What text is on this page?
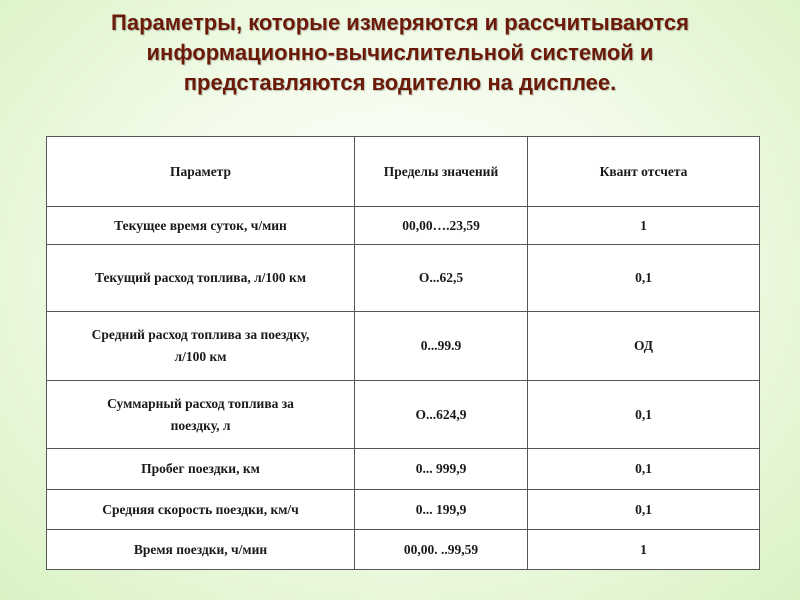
Параметры, которые измеряются и рассчитываются
информационно-вычислительной системой и
представляются водителю на дисплее.
Параметр	Пределы значений	Квант отсчета
Текущее время суток, ч/мин	00,00….23,59	1
Текущий расход топлива, л/100 км	О...62,5	0,1
Средний расход топлива за поездку,
л/100 км	0...99.9	ОД
Суммарный расход топлива за
поездку, л	О...624,9	0,1
Пробег поездки, км	0... 999,9	0,1
Средняя скорость поездки, км/ч	0... 199,9	0,1
Время поездки, ч/мин	00,00. ..99,59	1
